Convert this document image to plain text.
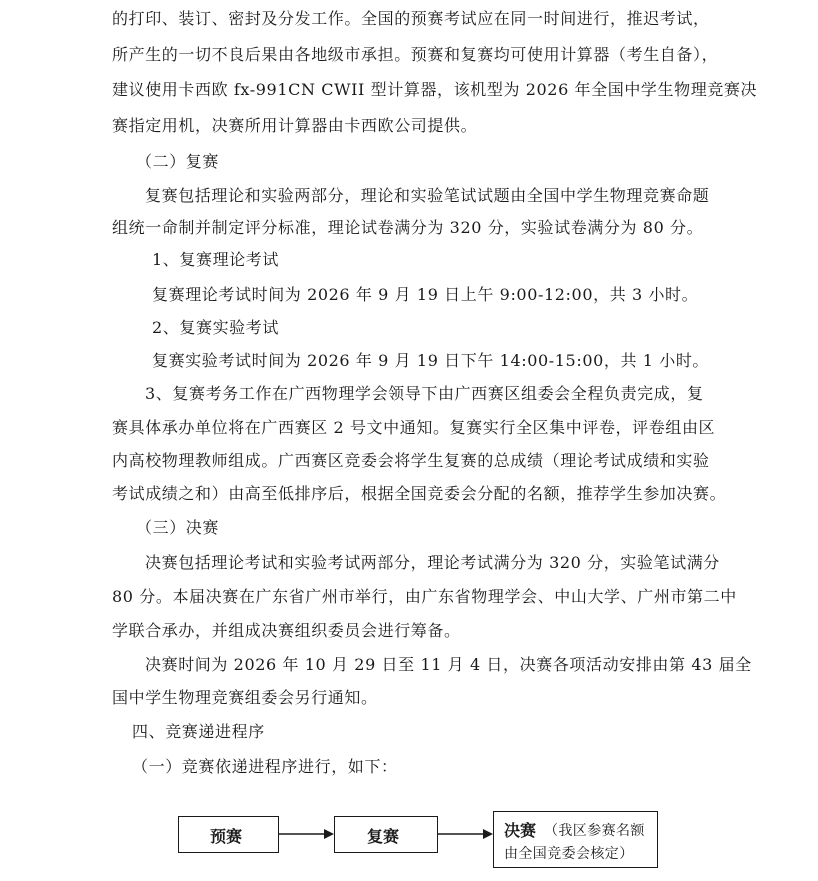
的打印、装订、密封及分发工作。全国的预赛考试应在同一时间进行，推迟考试，
所产生的一切不良后果由各地级市承担。预赛和复赛均可使用计算器（考生自备），
建议使用卡西欧 fx-991CN CWII 型计算器，该机型为 2026 年全国中学生物理竞赛决
赛指定用机，决赛所用计算器由卡西欧公司提供。
（二）复赛
复赛包括理论和实验两部分，理论和实验笔试试题由全国中学生物理竞赛命题
组统一命制并制定评分标准，理论试卷满分为 320 分，实验试卷满分为 80 分。
1、复赛理论考试
复赛理论考试时间为 2026 年 9 月 19 日上午 9:00-12:00，共 3 小时。
2、复赛实验考试
复赛实验考试时间为 2026 年 9 月 19 日下午 14:00-15:00，共 1 小时。
3、复赛考务工作在广西物理学会领导下由广西赛区组委会全程负责完成，复
赛具体承办单位将在广西赛区 2 号文中通知。复赛实行全区集中评卷，评卷组由区
内高校物理教师组成。广西赛区竞委会将学生复赛的总成绩（理论考试成绩和实验
考试成绩之和）由高至低排序后，根据全国竞委会分配的名额，推荐学生参加决赛。
（三）决赛
决赛包括理论考试和实验考试两部分，理论考试满分为 320 分，实验笔试满分
80 分。本届决赛在广东省广州市举行，由广东省物理学会、中山大学、广州市第二中
学联合承办，并组成决赛组织委员会进行筹备。
决赛时间为 2026 年 10 月 29 日至 11 月 4 日，决赛各项活动安排由第 43 届全
国中学生物理竞赛组委会另行通知。
四、竞赛递进程序
（一）竞赛依递进程序进行，如下：
预赛	复赛	决赛 （我区参赛名额
由全国竞委会核定）
